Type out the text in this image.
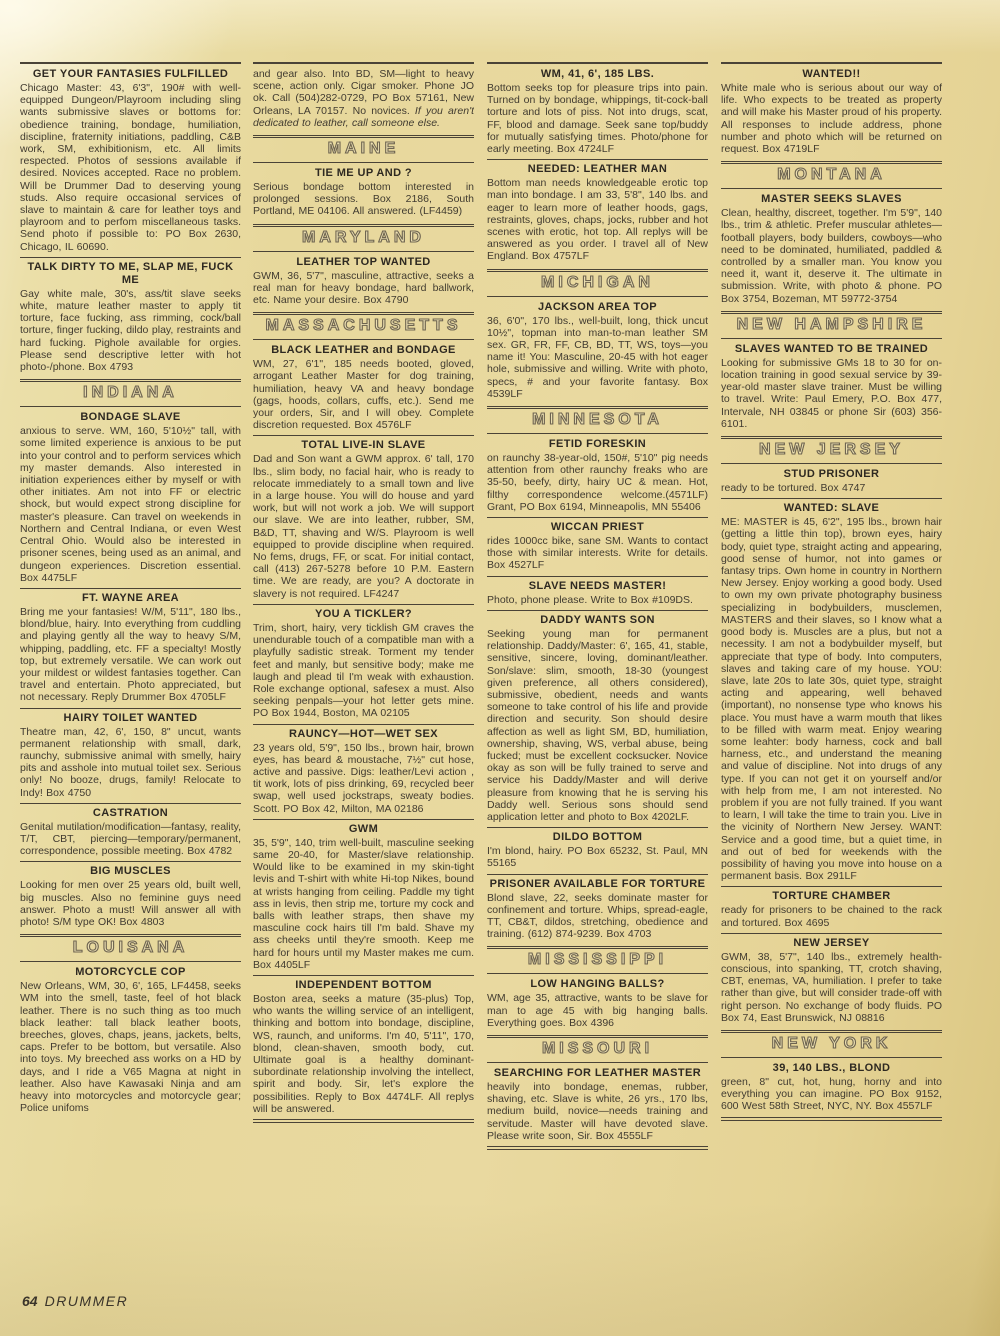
GET YOUR FANTASIES FULFILLED
Chicago Master: 43, 6'3", 190# with well-equipped Dungeon/Playroom including sling wants submissive slaves or bottoms for: obedience training, bondage, humiliation, discipline, fraternity initiations, paddling, C&B work, SM, exhibitionism, etc. All limits respected. Photos of sessions available if desired. Novices accepted. Race no problem. Will be Drummer Dad to deserving young studs. Also require occasional services of slave to maintain & care for leather toys and playroom and to perfom miscellaneous tasks. Send photo if possible to: PO Box 2630, Chicago, IL 60690.
TALK DIRTY TO ME, SLAP ME, FUCK ME
Gay white male, 30's, ass/tit slave seeks white, mature leather master to apply tit torture, face fucking, ass rimming, cock/ball torture, finger fucking, dildo play, restraints and hard fucking. Pighole available for orgies. Please send descriptive letter with hot photo-/phone. Box 4793
INDIANA
BONDAGE SLAVE
anxious to serve. WM, 160, 5'10½" tall, with some limited experience is anxious to be put into your control and to perform services which my master demands. Also interested in initiation experiences either by myself or with other initiates. Am not into FF or electric shock, but would expect strong discipline for master's pleasure. Can travel on weekends in Northern and Central Indiana, or even West Central Ohio. Would also be interested in prisoner scenes, being used as an animal, and dungeon experiences. Discretion essential. Box 4475LF
FT. WAYNE AREA
Bring me your fantasies! W/M, 5'11", 180 lbs., blond/blue, hairy. Into everything from cuddling and playing gently all the way to heavy S/M, whipping, paddling, etc. FF a specialty! Mostly top, but extremely versatile. We can work out your mildest or wildest fantasies together. Can travel and entertain. Photo appreciated, but not necessary. Reply Drummer Box 4705LF
HAIRY TOILET WANTED
Theatre man, 42, 6', 150, 8" uncut, wants permanent relationship with small, dark, raunchy, submissive animal with smelly, hairy pits and asshole into mutual toilet sex. Serious only! No booze, drugs, family! Relocate to Indy! Box 4750
CASTRATION
Genital mutilation/modification—fantasy, reality, T/T, CBT, piercing—temporary/permanent, correspondence, possible meeting. Box 4782
BIG MUSCLES
Looking for men over 25 years old, built well, big muscles. Also no feminine guys need answer. Photo a must! Will answer all with photo! S/M type OK! Box 4803
LOUISANA
MOTORCYCLE COP
New Orleans, WM, 30, 6', 165, LF4458, seeks WM into the smell, taste, feel of hot black leather. There is no such thing as too much black leather: tall black leather boots, breeches, gloves, chaps, jeans, jackets, belts, caps. Prefer to be bottom, but versatile. Also into toys. My breeched ass works on a HD by days, and I ride a V65 Magna at night in leather. Also have Kawasaki Ninja and am heavy into motorcycles and motorcycle gear; Police unifoms
and gear also. Into BD, SM—light to heavy scene, action only. Cigar smoker. Phone JO ok. Call (504)282-0729, PO Box 57161, New Orleans, LA 70157. No novices. If you aren't dedicated to leather, call someone else.
MAINE
TIE ME UP AND ?
Serious bondage bottom interested in prolonged sessions. Box 2186, South Portland, ME 04106. All answered. (LF4459)
MARYLAND
LEATHER TOP WANTED
GWM, 36, 5'7", masculine, attractive, seeks a real man for heavy bondage, hard ballwork, etc. Name your desire. Box 4790
MASSACHUSETTS
BLACK LEATHER and BONDAGE
WM, 27, 6'1", 185 needs booted, gloved, arrogant Leather Master for dog training, humiliation, heavy VA and heavy bondage (gags, hoods, collars, cuffs, etc.). Send me your orders, Sir, and I will obey. Complete discretion requested. Box 4576LF
TOTAL LIVE-IN SLAVE
Dad and Son want a GWM approx. 6' tall, 170 lbs., slim body, no facial hair, who is ready to relocate immediately to a small town and live in a large house. You will do house and yard work, but will not work a job. We will support our slave. We are into leather, rubber, SM, B&D, TT, shaving and W/S. Playroom is well equipped to provide discipline when required. No fems, drugs, FF, or scat. For initial contact, call (413) 267-5278 before 10 P.M. Eastern time. We are ready, are you? A doctorate in slavery is not required. LF4247
YOU A TICKLER?
Trim, short, hairy, very ticklish GM craves the unendurable touch of a compatible man with a playfully sadistic streak. Torment my tender feet and manly, but sensitive body; make me laugh and plead til I'm weak with exhaustion. Role exchange optional, safesex a must. Also seeking penpals—your hot letter gets mine. PO Box 1944, Boston, MA 02105
RAUNCY—HOT—WET SEX
23 years old, 5'9", 150 lbs., brown hair, brown eyes, has beard & moustache, 7½" cut hose, active and passive. Digs: leather/Levi action , tit work, lots of piss drinking, 69, recycled beer swap, well used jockstraps, sweaty bodies. Scott. PO Box 42, Milton, MA 02186
GWM
35, 5'9", 140, trim well-built, masculine seeking same 20-40, for Master/slave relationship. Would like to be examined in my skin-tight levis and T-shirt with white Hi-top Nikes, bound at wrists hanging from ceiling. Paddle my tight ass in levis, then strip me, torture my cock and balls with leather straps, then shave my masculine cock hairs till I'm bald. Shave my ass cheeks until they're smooth. Keep me hard for hours until my Master makes me cum. Box 4405LF
INDEPENDENT BOTTOM
Boston area, seeks a mature (35-plus) Top, who wants the willing service of an intelligent, thinking and bottom into bondage, discipline, WS, raunch, and uniforms. I'm 40, 5'11", 170, blond, clean-shaven, smooth body, cut. Ultimate goal is a healthy dominant-subordinate relationship involving the intellect, spirit and body. Sir, let's explore the possibilities. Reply to Box 4474LF. All replys will be answered.
WM, 41, 6', 185 LBS.
Bottom seeks top for pleasure trips into pain. Turned on by bondage, whippings, tit-cock-ball torture and lots of piss. Not into drugs, scat, FF, blood and damage. Seek sane top/buddy for mutually satisfying times. Photo/phone for early meeting. Box 4724LF
NEEDED: LEATHER MAN
Bottom man needs knowledgeable erotic top man into bondage. I am 33, 5'8", 140 lbs. and eager to learn more of leather hoods, gags, restraints, gloves, chaps, jocks, rubber and hot scenes with erotic, hot top. All replys will be answered as you order. I travel all of New England. Box 4757LF
MICHIGAN
JACKSON AREA TOP
36, 6'0", 170 lbs., well-built, long, thick uncut 10½", topman into man-to-man leather SM sex. GR, FR, FF, CB, BD, TT, WS, toys—you name it! You: Masculine, 20-45 with hot eager hole, submissive and willing. Write with photo, specs, # and your favorite fantasy. Box 4539LF
MINNESOTA
FETID FORESKIN
on raunchy 38-year-old, 150#, 5'10" pig needs attention from other raunchy freaks who are 35-50, beefy, dirty, hairy UC & mean. Hot, filthy correspondence welcome.(4571LF) Grant, PO Box 6194, Minneapolis, MN 55406
WICCAN PRIEST
rides 1000cc bike, sane SM. Wants to contact those with similar interests. Write for details. Box 4527LF
SLAVE NEEDS MASTER!
Photo, phone please. Write to Box #109DS.
DADDY WANTS SON
Seeking young man for permanent relationship. Daddy/Master: 6', 165, 41, stable, sensitive, sincere, loving, dominant/leather. Son/slave: slim, smooth, 18-30 (youngest given preference, all others considered), submissive, obedient, needs and wants someone to take control of his life and provide direction and security. Son should desire affection as well as light SM, BD, humiliation, ownership, shaving, WS, verbal abuse, being fucked; must be excellent cocksucker. Novice okay as son will be fully trained to serve and service his Daddy/Master and will derive pleasure from knowing that he is serving his Daddy well. Serious sons should send application letter and photo to Box 4202LF.
DILDO BOTTOM
I'm blond, hairy. PO Box 65232, St. Paul, MN 55165
PRISONER AVAILABLE FOR TORTURE
Blond slave, 22, seeks dominate master for confinement and torture. Whips, spread-eagle, TT, CB&T, dildos, stretching, obedience and training. (612) 874-9239. Box 4703
MISSISSIPPI
LOW HANGING BALLS?
WM, age 35, attractive, wants to be slave for man to age 45 with big hanging balls. Everything goes. Box 4396
MISSOURI
SEARCHING FOR LEATHER MASTER
heavily into bondage, enemas, rubber, shaving, etc. Slave is white, 26 yrs., 170 lbs, medium build, novice—needs training and servitude. Master will have devoted slave. Please write soon, Sir. Box 4555LF
WANTED!!
White male who is serious about our way of life. Who expects to be treated as property and will make his Master proud of his property. All responses to include address, phone number and photo which will be returned on request. Box 4719LF
MONTANA
MASTER SEEKS SLAVES
Clean, healthy, discreet, together. I'm 5'9", 140 lbs., trim & athletic. Prefer muscular athletes—football players, body builders, cowboys—who need to be dominated, humiliated, paddled & controlled by a smaller man. You know you need it, want it, deserve it. The ultimate in submission. Write, with photo & phone. PO Box 3754, Bozeman, MT 59772-3754
NEW HAMPSHIRE
SLAVES WANTED TO BE TRAINED
Looking for submissive GMs 18 to 30 for on-location training in good sexual service by 39-year-old master slave trainer. Must be willing to travel. Write: Paul Emery, P.O. Box 477, Intervale, NH 03845 or phone Sir (603) 356-6101.
NEW JERSEY
STUD PRISONER
ready to be tortured. Box 4747
WANTED: SLAVE
ME: MASTER is 45, 6'2", 195 lbs., brown hair (getting a little thin top), brown eyes, hairy body, quiet type, straight acting and appearing, good sense of humor, not into games or fantasy trips. Own home in country in Northern New Jersey. Enjoy working a good body. Used to own my own private photography business specializing in bodybuilders, musclemen, MASTERS and their slaves, so I know what a good body is. Muscles are a plus, but not a necessity. I am not a bodybuilder myself, but appreciate that type of body. Into computers, slaves and taking care of my house. YOU: slave, late 20s to late 30s, quiet type, straight acting and appearing, well behaved (important), no nonsense type who knows his place. You must have a warm mouth that likes to be filled with warm meat. Enjoy wearing some leahter: body harness, cock and ball harness, etc., and understand the meaning and value of discipline. Not into drugs of any type. If you can not get it on yourself and/or with help from me, I am not interested. No problem if you are not fully trained. If you want to learn, I will take the time to train you. Live in the vicinity of Northern New Jersey. WANT: Service and a good time, but a quiet time, in and out of bed for weekends with the possibility of having you move into house on a permanent basis. Box 291LF
TORTURE CHAMBER
ready for prisoners to be chained to the rack and tortured. Box 4695
NEW JERSEY
GWM, 38, 5'7", 140 lbs., extremely health-conscious, into spanking, TT, crotch shaving, CBT, enemas, VA, humiliation. I prefer to take rather than give, but will consider trade-off with right person. No exchange of body fluids. PO Box 74, East Brunswick, NJ 08816
NEW YORK
39, 140 LBS., BLOND
green, 8" cut, hot, hung, horny and into everything you can imagine. PO Box 9152, 600 West 58th Street, NYC, NY. Box 4557LF
64 DRUMMER
